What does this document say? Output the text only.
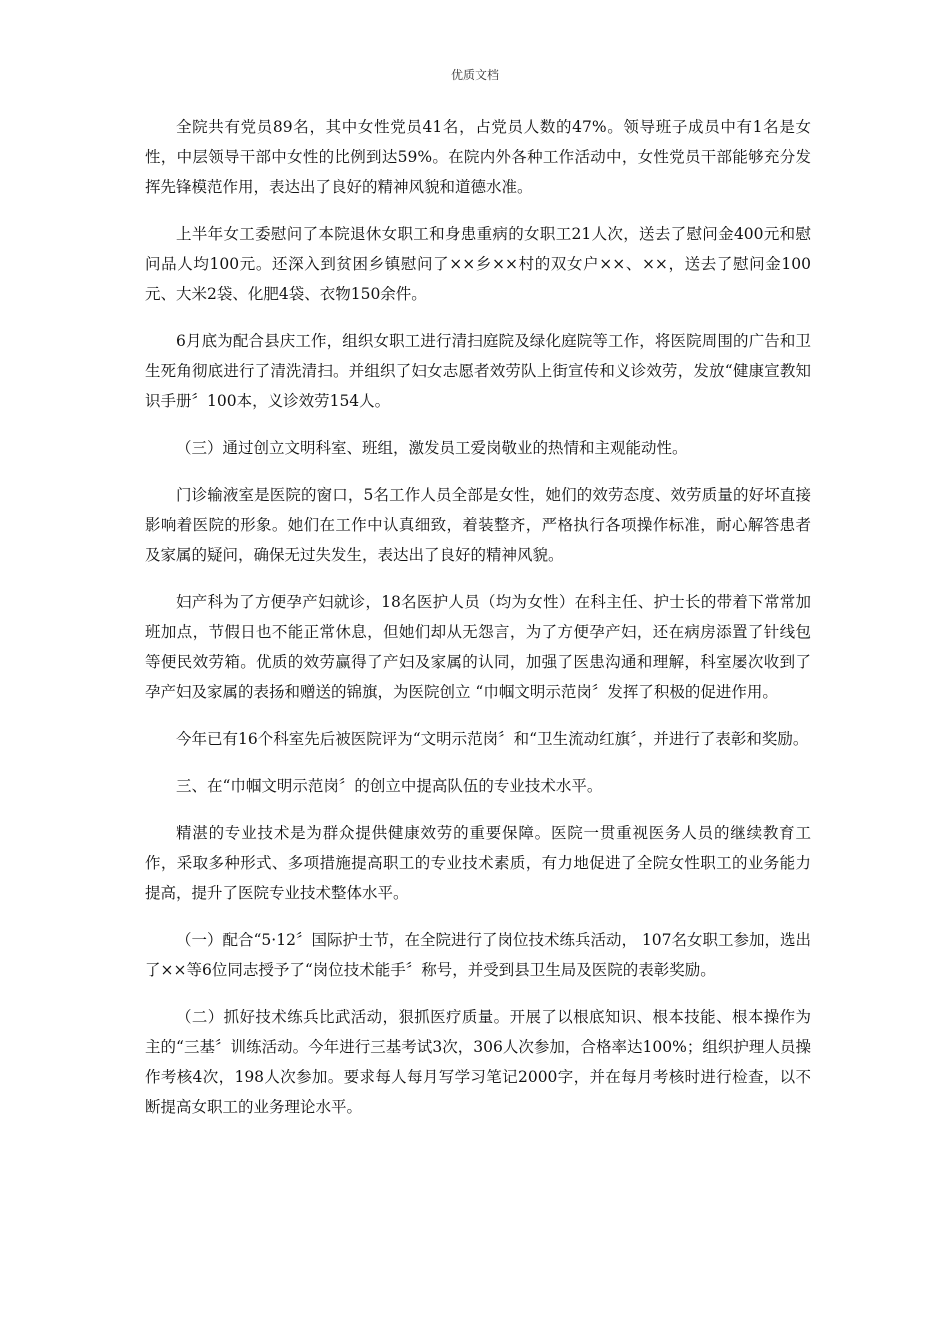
优质文档

全院共有党员89名，其中女性党员41名，占党员人数的47%。领导班子成员中有1名是女性，中层领导干部中女性的比例到达59%。在院内外各种工作活动中，女性党员干部能够充分发挥先锋模范作用，表达出了良好的精神风貌和道德水准。

上半年女工委慰问了本院退休女职工和身患重病的女职工21人次，送去了慰问金400元和慰问品人均100元。还深入到贫困乡镇慰问了××乡××村的双女户××、××，送去了慰问金100元、大米2袋、化肥4袋、衣物150余件。

6月底为配合县庆工作，组织女职工进行清扫庭院及绿化庭院等工作，将医院周围的广告和卫生死角彻底进行了清洗清扫。并组织了妇女志愿者效劳队上街宣传和义诊效劳，发放“健康宣教知识手册〞100本，义诊效劳154人。

（三）通过创立文明科室、班组，激发员工爱岗敬业的热情和主观能动性。

门诊输液室是医院的窗口，5名工作人员全部是女性，她们的效劳态度、效劳质量的好坏直接影响着医院的形象。她们在工作中认真细致，着装整齐，严格执行各项操作标准，耐心解答患者及家属的疑问，确保无过失发生，表达出了良好的精神风貌。

妇产科为了方便孕产妇就诊，18名医护人员（均为女性）在科主任、护士长的带着下常常加班加点，节假日也不能正常休息，但她们却从无怨言，为了方便孕产妇，还在病房添置了针线包等便民效劳箱。优质的效劳赢得了产妇及家属的认同，加强了医患沟通和理解，科室屡次收到了孕产妇及家属的表扬和赠送的锦旗，为医院创立 “巾帼文明示范岗〞发挥了积极的促进作用。

今年已有16个科室先后被医院评为“文明示范岗〞和“卫生流动红旗〞，并进行了表彰和奖励。

三、在“巾帼文明示范岗〞的创立中提高队伍的专业技术水平。

精湛的专业技术是为群众提供健康效劳的重要保障。医院一贯重视医务人员的继续教育工作，采取多种形式、多项措施提高职工的专业技术素质，有力地促进了全院女性职工的业务能力提高，提升了医院专业技术整体水平。

（一）配合“5·12〞国际护士节，在全院进行了岗位技术练兵活动， 107名女职工参加，选出了××等6位同志授予了“岗位技术能手〞称号，并受到县卫生局及医院的表彰奖励。

（二）抓好技术练兵比武活动，狠抓医疗质量。开展了以根底知识、根本技能、根本操作为主的“三基〞训练活动。今年进行三基考试3次，306人次参加，合格率达100%；组织护理人员操作考核4次，198人次参加。要求每人每月写学习笔记2000字，并在每月考核时进行检查，以不断提高女职工的业务理论水平。
